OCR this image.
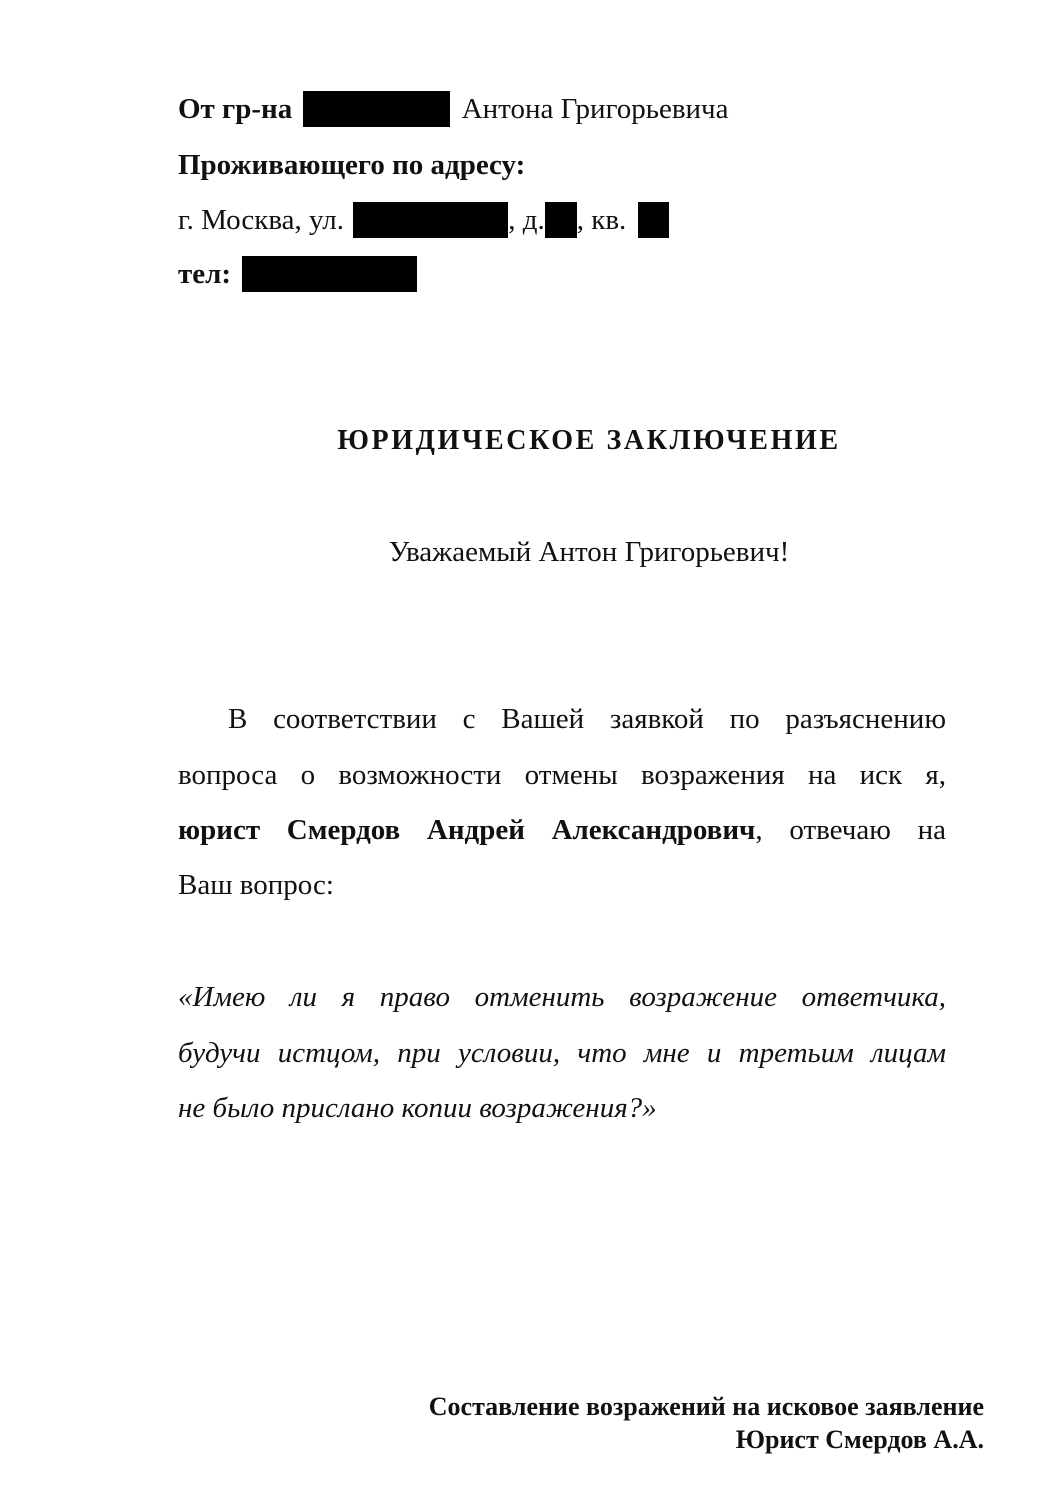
От гр-на	Антона Григорьевича
Проживающего по адресу:
г. Москва, ул.	, д. , кв.
тел:
ЮРИДИЧЕСКОЕ ЗАКЛЮЧЕНИЕ
Уважаемый Антон Григорьевич!
В соответствии с Вашей заявкой по разъяснению
вопроса о возможности отмены возражения на иск я,
юрист Смердов Андрей Александрович, отвечаю на
Ваш вопрос:
«Имею ли я право отменить возражение ответчика,
будучи истцом, при условии, что мне и третьим лицам
не было прислано копии возражения?»
Составление возражений на исковое заявление
Юрист Смердов А.А.
